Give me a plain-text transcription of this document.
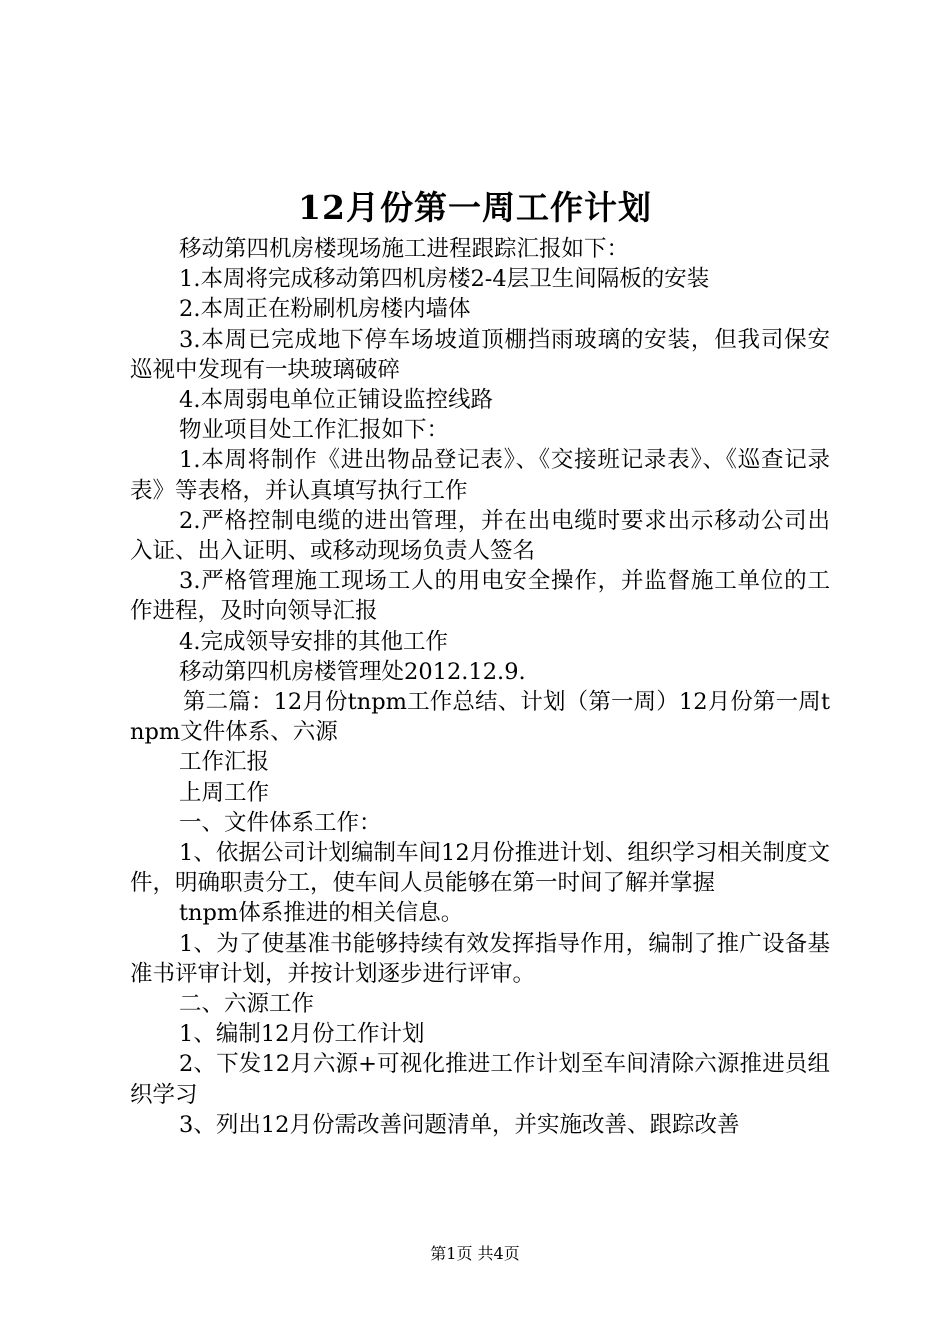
12月份第一周工作计划

移动第四机房楼现场施工进程跟踪汇报如下：

1.本周将完成移动第四机房楼2-4层卫生间隔板的安装

2.本周正在粉刷机房楼内墙体

3.本周已完成地下停车场坡道顶棚挡雨玻璃的安装，但我司保安巡视中发现有一块玻璃破碎

4.本周弱电单位正铺设监控线路

物业项目处工作汇报如下：

1.本周将制作《进出物品登记表》、《交接班记录表》、《巡查记录表》等表格，并认真填写执行工作

2.严格控制电缆的进出管理，并在出电缆时要求出示移动公司出入证、出入证明、或移动现场负责人签名

3.严格管理施工现场工人的用电安全操作，并监督施工单位的工作进程，及时向领导汇报

4.完成领导安排的其他工作

移动第四机房楼管理处2012.12.9.

第二篇：12月份tnpm工作总结、计划（第一周）12月份第一周tnpm文件体系、六源

工作汇报

上周工作

一、文件体系工作：

1、依据公司计划编制车间12月份推进计划、组织学习相关制度文件，明确职责分工，使车间人员能够在第一时间了解并掌握

tnpm体系推进的相关信息。

1、为了使基准书能够持续有效发挥指导作用，编制了推广设备基准书评审计划，并按计划逐步进行评审。

二、六源工作

1、编制12月份工作计划

2、下发12月六源+可视化推进工作计划至车间清除六源推进员组织学习

3、列出12月份需改善问题清单，并实施改善、跟踪改善

第1页 共4页
